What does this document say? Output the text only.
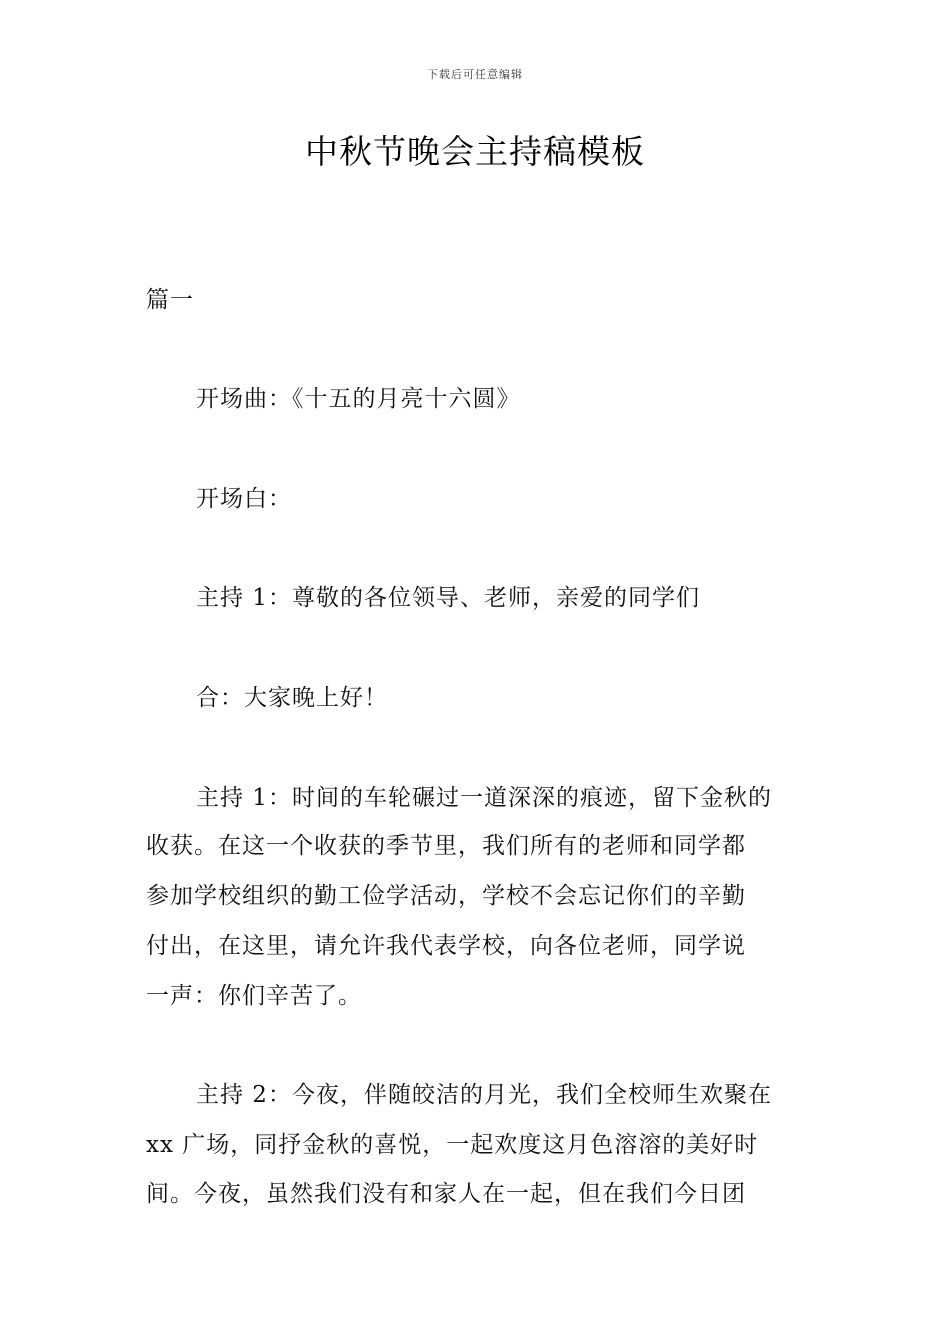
下载后可任意编辑
中秋节晚会主持稿模板
篇一
开场曲：《十五的月亮十六圆》
开场白：
主持 1：尊敬的各位领导、老师，亲爱的同学们
合：大家晚上好！
主持 1：时间的车轮碾过一道深深的痕迹，留下金秋的
收获。在这一个收获的季节里，我们所有的老师和同学都
参加学校组织的勤工俭学活动，学校不会忘记你们的辛勤
付出，在这里，请允许我代表学校，向各位老师，同学说
一声：你们辛苦了。
主持 2：今夜，伴随皎洁的月光，我们全校师生欢聚在
xx 广场，同抒金秋的喜悦，一起欢度这月色溶溶的美好时
间。今夜，虽然我们没有和家人在一起，但在我们今日团
